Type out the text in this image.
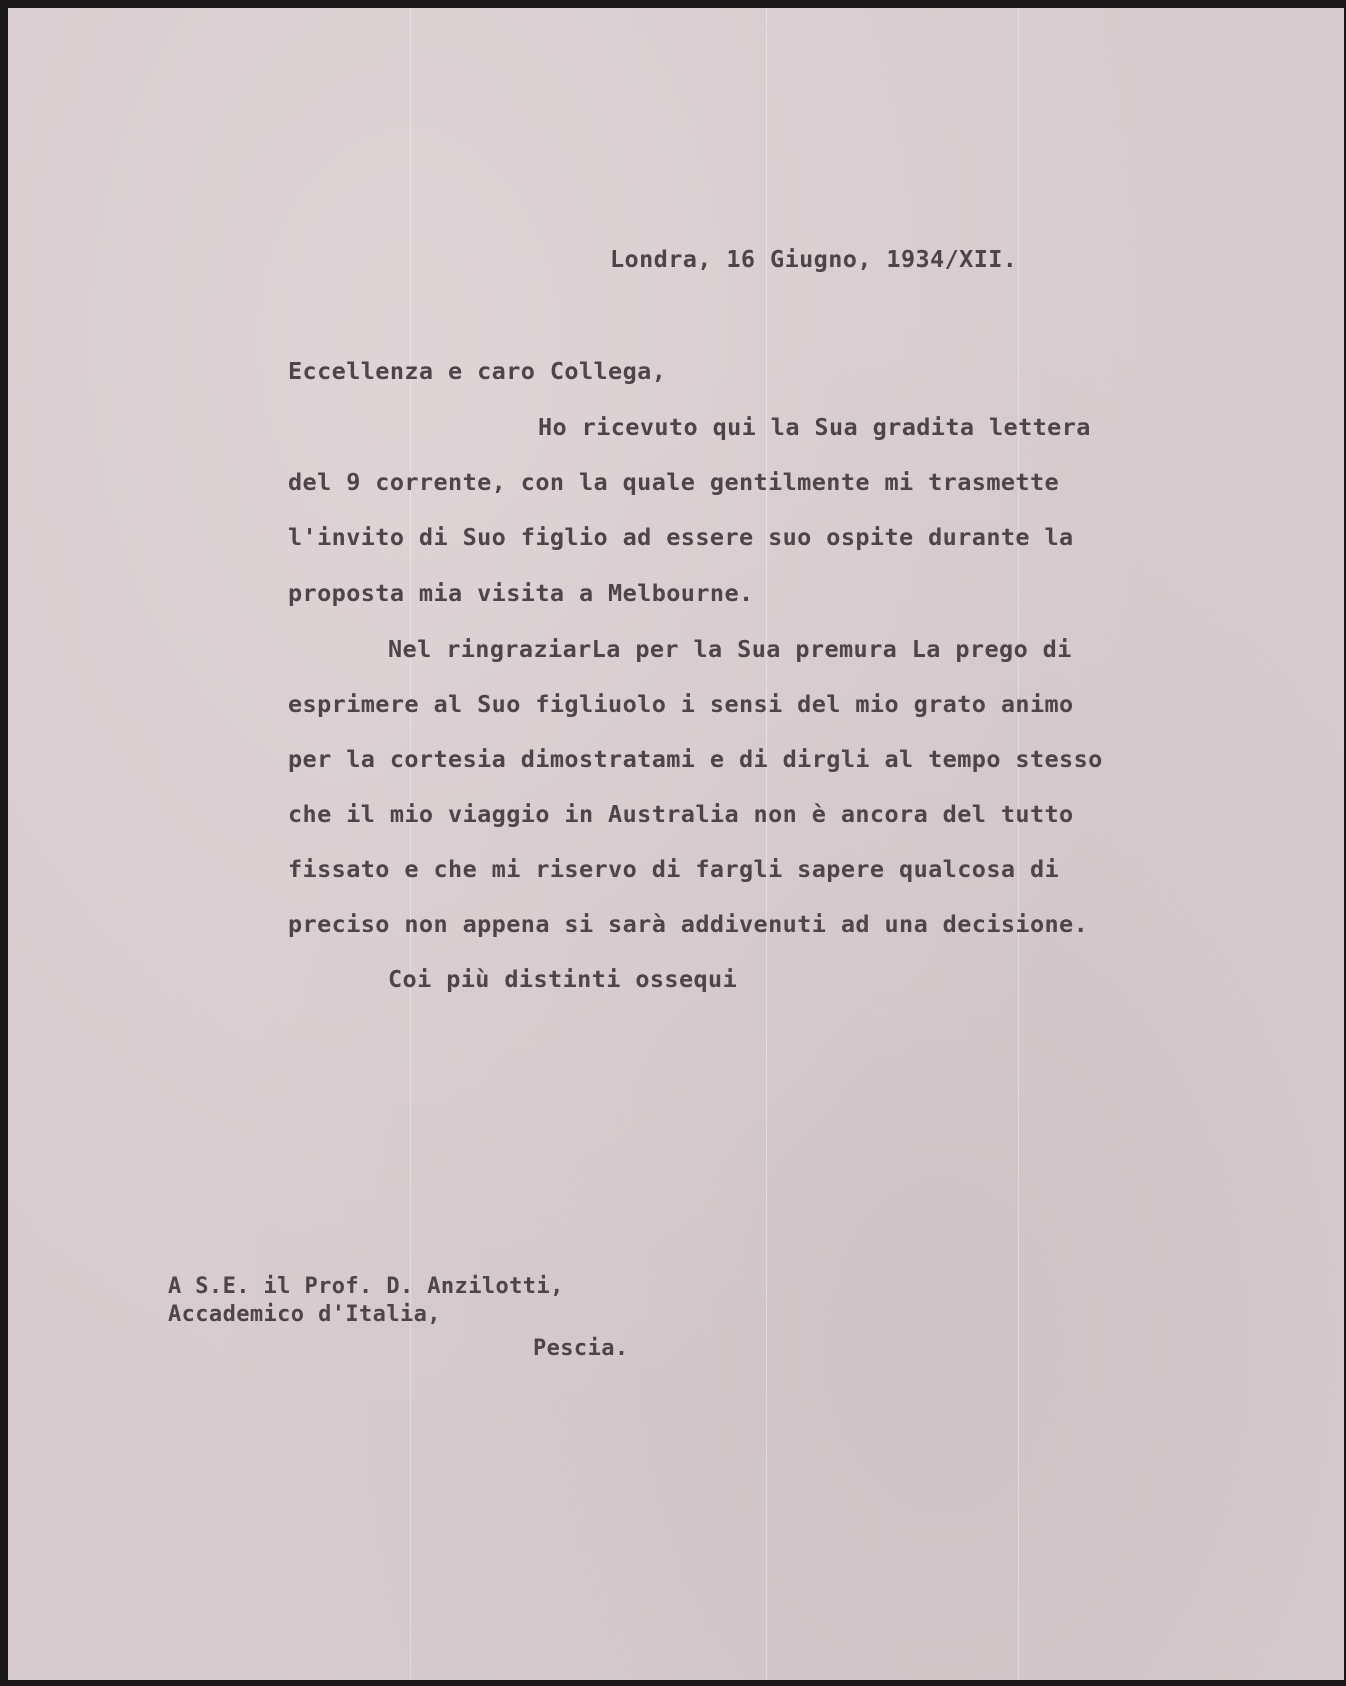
Londra, 16 Giugno, 1934/XII.
Eccellenza e caro Collega,
Ho ricevuto qui la Sua gradita lettera
del 9 corrente, con la quale gentilmente mi trasmette
l'invito di Suo figlio ad essere suo ospite durante la
proposta mia visita a Melbourne.
Nel ringraziarLa per la Sua premura La prego di
esprimere al Suo figliuolo i sensi del mio grato animo
per la cortesia dimostratami e di dirgli al tempo stesso
che il mio viaggio in Australia non è ancora del tutto
fissato e che mi riservo di fargli sapere qualcosa di
preciso non appena si sarà addivenuti ad una decisione.
Coi più distinti ossequi
A S.E. il Prof. D. Anzilotti,
Accademico d'Italia,
Pescia.
